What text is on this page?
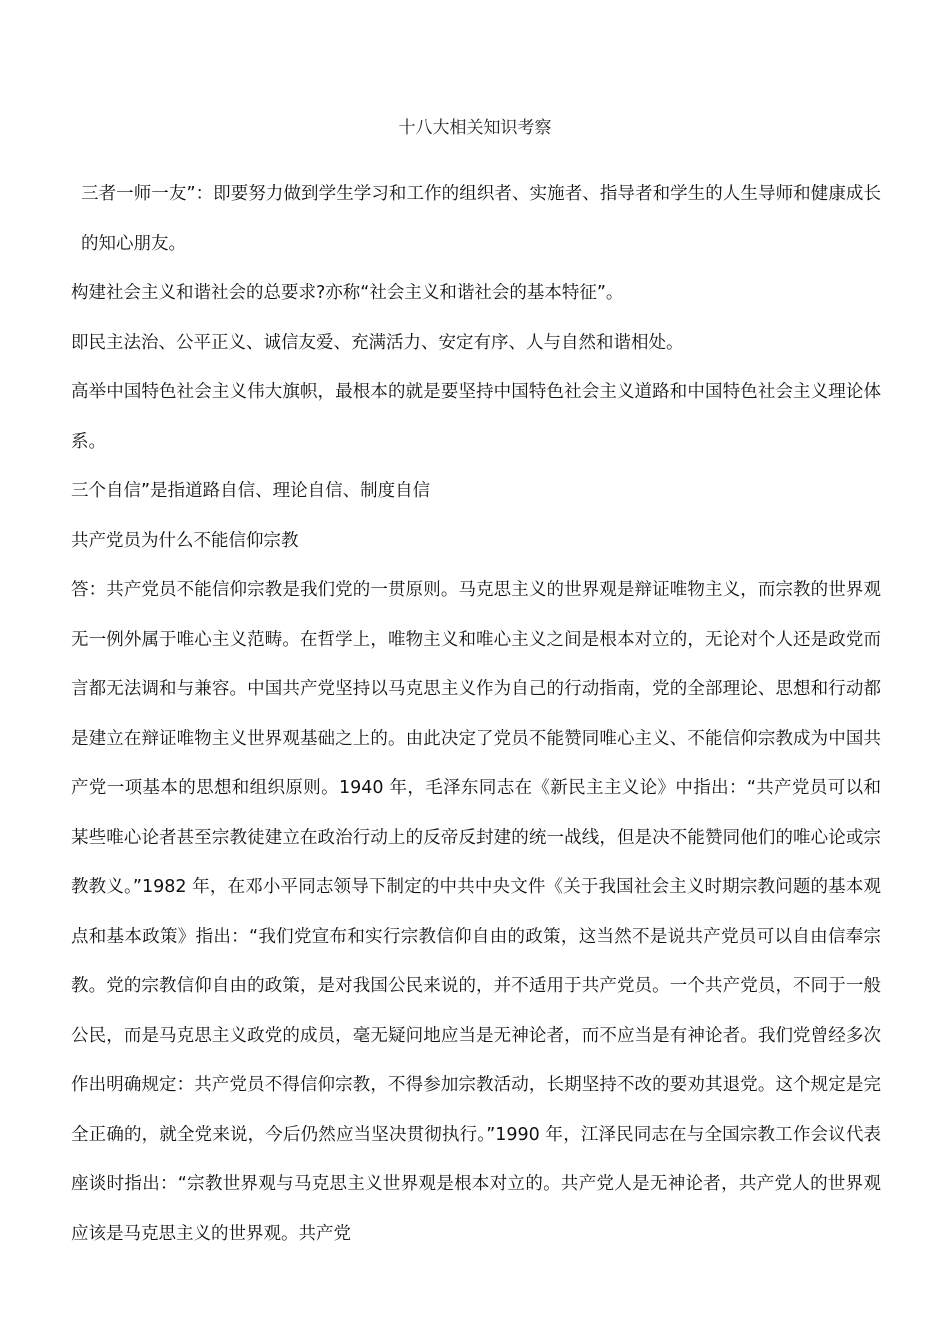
十八大相关知识考察

三者一师一友”：即要努力做到学生学习和工作的组织者、实施者、指导者和学生的人生导师和健康成长的知心朋友。

构建社会主义和谐社会的总要求?亦称“社会主义和谐社会的基本特征”。

即民主法治、公平正义、诚信友爱、充满活力、安定有序、人与自然和谐相处。

高举中国特色社会主义伟大旗帜，最根本的就是要坚持中国特色社会主义道路和中国特色社会主义理论体系。

三个自信”是指道路自信、理论自信、制度自信

共产党员为什么不能信仰宗教

答：共产党员不能信仰宗教是我们党的一贯原则。马克思主义的世界观是辩证唯物主义，而宗教的世界观无一例外属于唯心主义范畴。在哲学上，唯物主义和唯心主义之间是根本对立的，无论对个人还是政党而言都无法调和与兼容。中国共产党坚持以马克思主义作为自己的行动指南，党的全部理论、思想和行动都是建立在辩证唯物主义世界观基础之上的。由此决定了党员不能赞同唯心主义、不能信仰宗教成为中国共产党一项基本的思想和组织原则。1940 年，毛泽东同志在《新民主主义论》中指出：“共产党员可以和某些唯心论者甚至宗教徒建立在政治行动上的反帝反封建的统一战线，但是决不能赞同他们的唯心论或宗教教义。”1982 年，在邓小平同志领导下制定的中共中央文件《关于我国社会主义时期宗教问题的基本观点和基本政策》指出：“我们党宣布和实行宗教信仰自由的政策，这当然不是说共产党员可以自由信奉宗教。党的宗教信仰自由的政策，是对我国公民来说的，并不适用于共产党员。一个共产党员，不同于一般公民，而是马克思主义政党的成员，毫无疑问地应当是无神论者，而不应当是有神论者。我们党曾经多次作出明确规定：共产党员不得信仰宗教，不得参加宗教活动，长期坚持不改的要劝其退党。这个规定是完全正确的，就全党来说，今后仍然应当坚决贯彻执行。”1990 年，江泽民同志在与全国宗教工作会议代表座谈时指出：“宗教世界观与马克思主义世界观是根本对立的。共产党人是无神论者，共产党人的世界观应该是马克思主义的世界观。共产党
